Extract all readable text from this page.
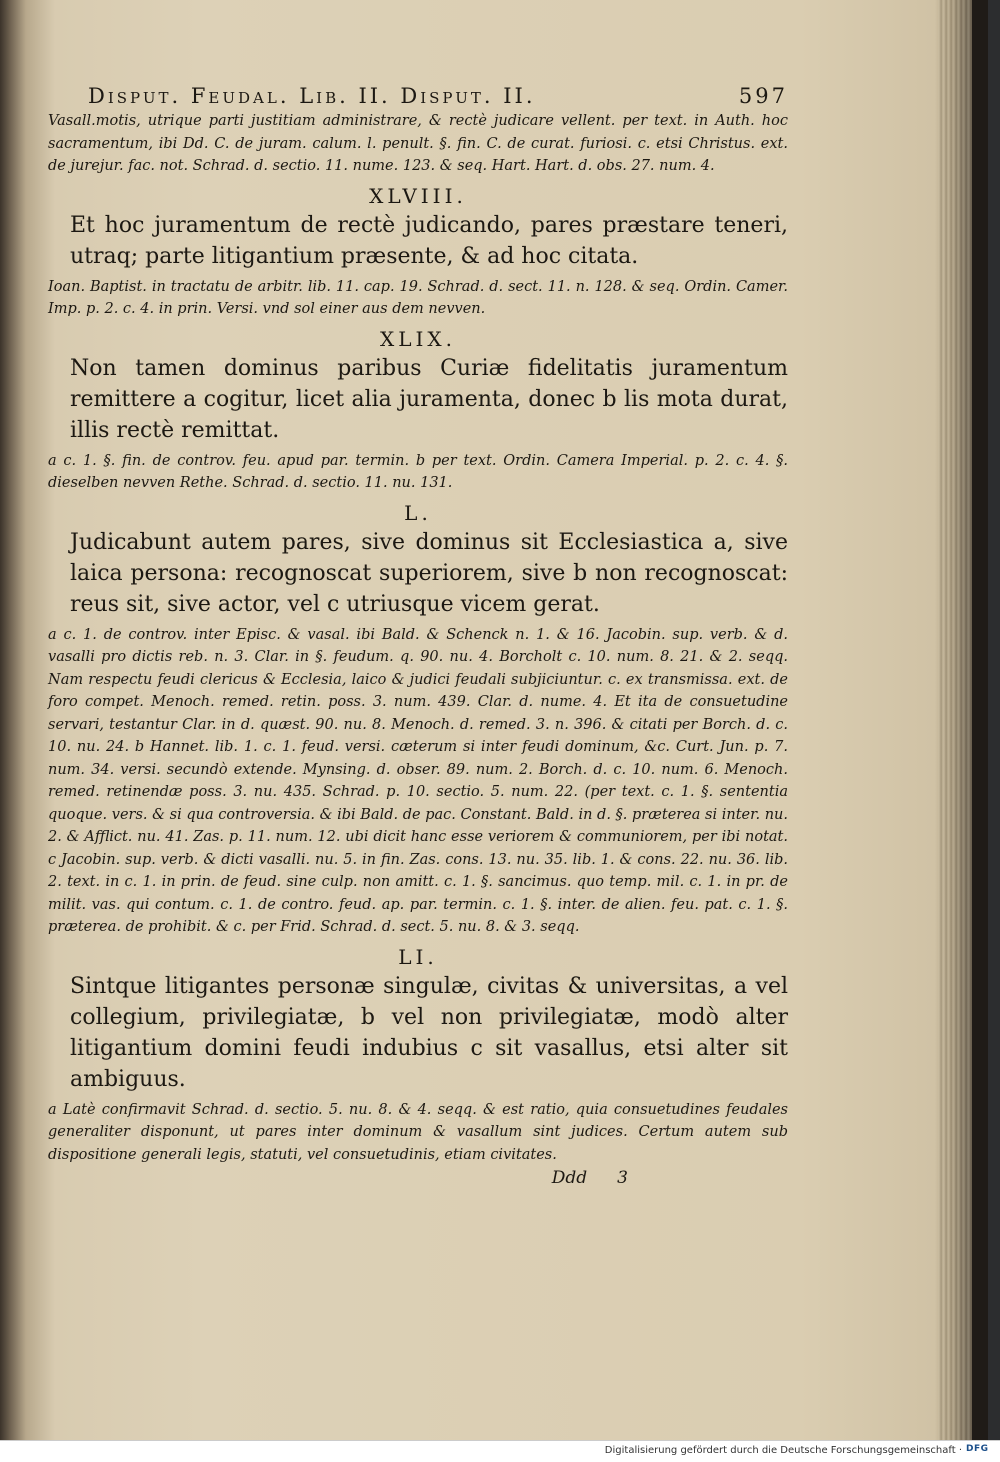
Disput. Feudal. Lib. II. Disput. II.	597

Vasall.motis, utrique parti justitiam administrare, & rectè judicare vellent. per text. in Auth. hoc sacramentum, ibi Dd. C. de juram. calum. l. penult. §. fin. C. de curat. furiosi. c. etsi Christus. ext. de jurejur. fac. not. Schrad. d. sectio. 11. nume. 123. & seq. Hart. Hart. d. obs. 27. num. 4.

XLVIII.

Et hoc juramentum de rectè judicando, pares præstare teneri, utraq; parte litigantium præsente, & ad hoc citata.

Ioan. Baptist. in tractatu de arbitr. lib. 11. cap. 19. Schrad. d. sect. 11. n. 128. & seq. Ordin. Camer. Imp. p. 2. c. 4. in prin. Versi. vnd sol einer aus dem nevven.

XLIX.

Non tamen dominus paribus Curiæ fidelitatis juramentum remittere a cogitur, licet alia juramenta, donec b lis mota durat, illis rectè remittat.

a c. 1. §. fin. de controv. feu. apud par. termin. b per text. Ordin. Camera Imperial. p. 2. c. 4. §. dieselben nevven Rethe. Schrad. d. sectio. 11. nu. 131.

L.

Judicabunt autem pares, sive dominus sit Ecclesiastica a, sive laica persona: recognoscat superiorem, sive b non recognoscat: reus sit, sive actor, vel c utriusque vicem gerat.

a c. 1. de controv. inter Episc. & vasal. ibi Bald. & Schenck n. 1. & 16. Jacobin. sup. verb. & d. vasalli pro dictis reb. n. 3. Clar. in §. feudum. q. 90. nu. 4. Borcholt c. 10. num. 8. 21. & 2. seqq. Nam respectu feudi clericus & Ecclesia, laico & judici feudali subjiciuntur. c. ex transmissa. ext. de foro compet. Menoch. remed. retin. poss. 3. num. 439. Clar. d. nume. 4. Et ita de consuetudine servari, testantur Clar. in d. quæst. 90. nu. 8. Menoch. d. remed. 3. n. 396. & citati per Borch. d. c. 10. nu. 24. b Hannet. lib. 1. c. 1. feud. versi. cæterum si inter feudi dominum, &c. Curt. Jun. p. 7. num. 34. versi. secundò extende. Mynsing. d. obser. 89. num. 2. Borch. d. c. 10. num. 6. Menoch. remed. retinendæ poss. 3. nu. 435. Schrad. p. 10. sectio. 5. num. 22. (per text. c. 1. §. sententia quoque. vers. & si qua controversia. & ibi Bald. de pac. Constant. Bald. in d. §. præterea si inter. nu. 2. & Afflict. nu. 41. Zas. p. 11. num. 12. ubi dicit hanc esse veriorem & communiorem, per ibi notat. c Jacobin. sup. verb. & dicti vasalli. nu. 5. in fin. Zas. cons. 13. nu. 35. lib. 1. & cons. 22. nu. 36. lib. 2. text. in c. 1. in prin. de feud. sine culp. non amitt. c. 1. §. sancimus. quo temp. mil. c. 1. in pr. de milit. vas. qui contum. c. 1. de contro. feud. ap. par. termin. c. 1. §. inter. de alien. feu. pat. c. 1. §. præterea. de prohibit. & c. per Frid. Schrad. d. sect. 5. nu. 8. & 3. seqq.

LI.

Sintque litigantes personæ singulæ, civitas & universitas, a vel collegium, privilegiatæ, b vel non privilegiatæ, modò alter litigantium domini feudi indubius c sit vasallus, etsi alter sit ambiguus.

a Latè confirmavit Schrad. d. sectio. 5. nu. 8. & 4. seqq. & est ratio, quia consuetudines feudales generaliter disponunt, ut pares inter dominum & vasallum sint judices. Certum autem sub dispositione generali legis, statuti, vel consuetudinis, etiam civitates.

Ddd 3
Digitalisierung gefördert durch die Deutsche Forschungsgemeinschaft · DFG
